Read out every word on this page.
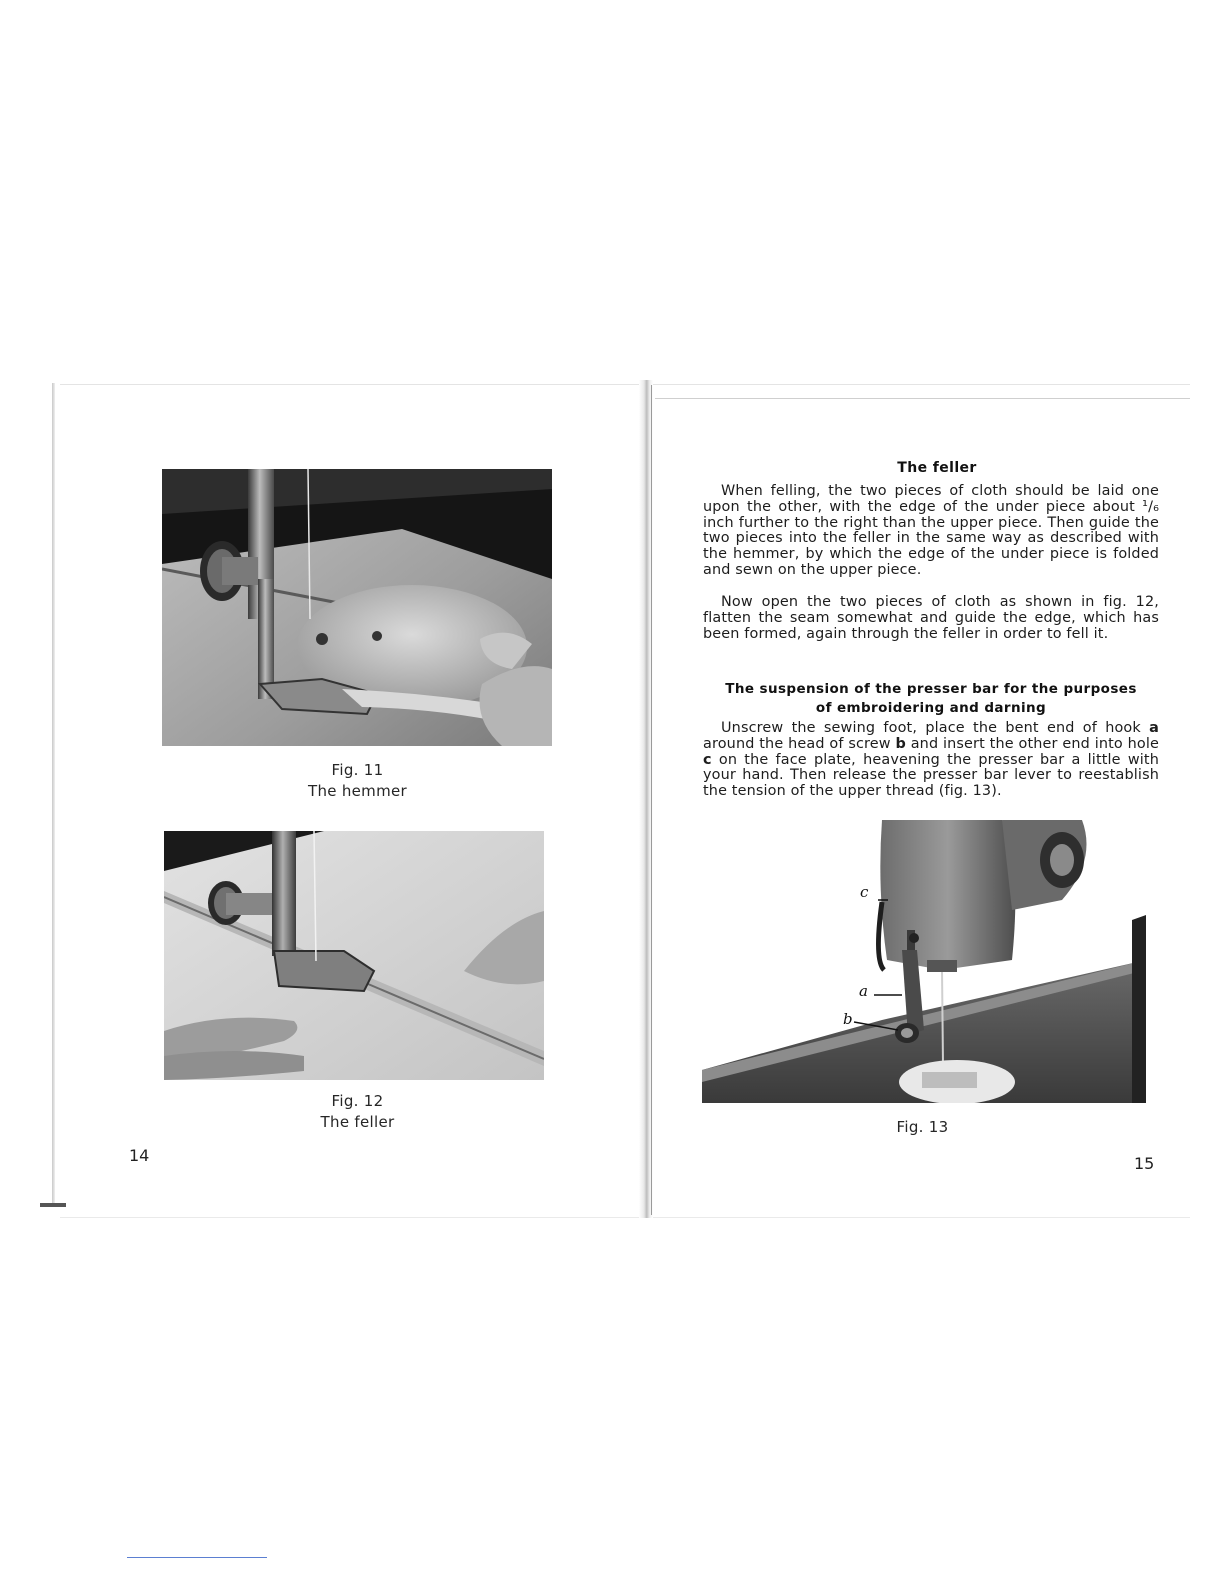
Fig. 11
The hemmer
Fig. 12
The feller
14
The feller

When felling, the two pieces of cloth should be laid one upon the other, with the edge of the under piece about ¹/₆ inch further to the right than the upper piece. Then guide the two pieces into the feller in the same way as described with the hemmer, by which the edge of the under piece is folded and sewn on the upper piece.

Now open the two pieces of cloth as shown in fig. 12, flatten the seam somewhat and guide the edge, which has been formed, again through the feller in order to fell it.

The suspension of the presser bar for the purposes
of embroidering and darning

Unscrew the sewing foot, place the bent end of hook a around the head of screw b and insert the other end into hole c on the face plate, heavening the presser bar a little with your hand. Then release the presser bar lever to reestablish the tension of the upper thread (fig. 13).

c
a
b
Fig. 13
15
